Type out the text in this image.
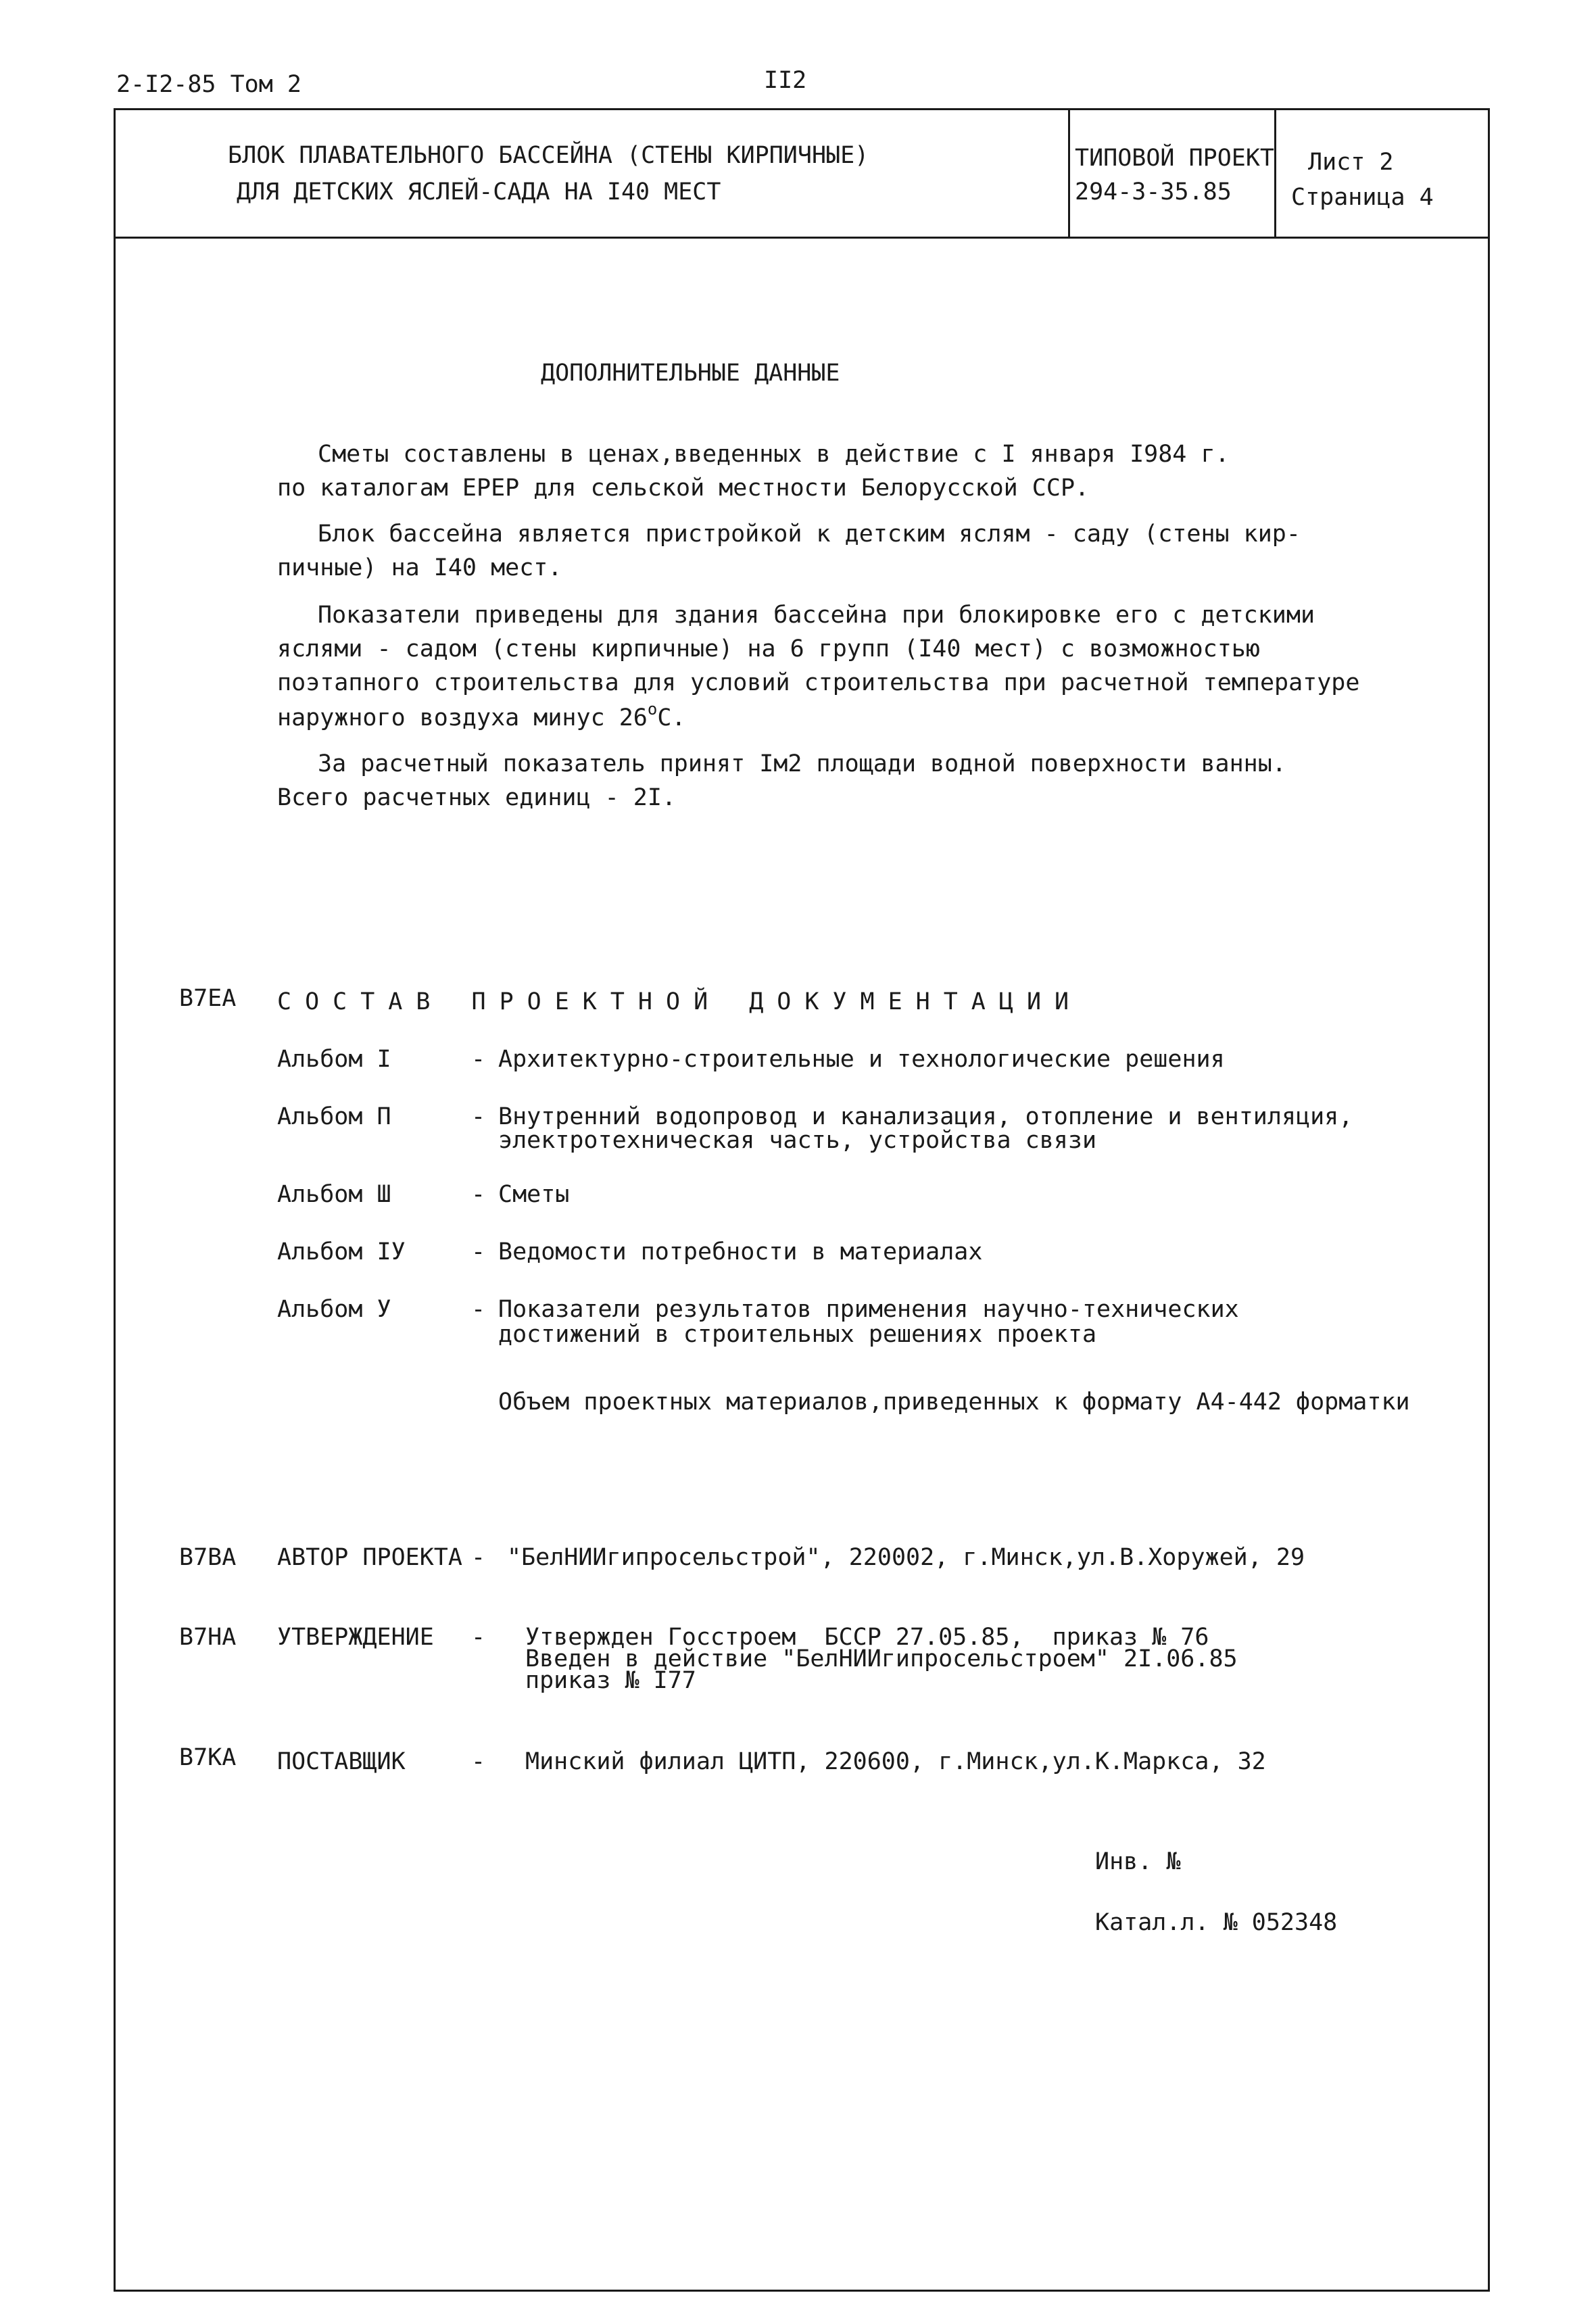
2-I2-85 Том 2	II2
БЛОК ПЛАВАТЕЛЬНОГО БАССЕЙНА (СТЕНЫ КИРПИЧНЫЕ)
ДЛЯ ДЕТСКИХ ЯСЛЕЙ-САДА НА I40 МЕСТ
ТИПОВОЙ ПРОЕКТ
294-3-35.85
Лист 2
Страница 4
ДОПОЛНИТЕЛЬНЫЕ ДАННЫЕ
Сметы составлены в ценах,введенных в действие с I января I984 г.
по каталогам ЕРЕР для сельской местности Белорусской ССР.
Блок бассейна является пристройкой к детским яслям - саду (стены кир-
пичные) на I40 мест.
Показатели приведены для здания бассейна при блокировке его с детскими
яслями - садом (стены кирпичные) на 6 групп (I40 мест) с возможностью
поэтапного строительства для условий строительства при расчетной температуре
наружного воздуха минус $26^оС$.
За расчетный показатель принят Iм2 площади водной поверхности ванны.
Всего расчетных единиц - 2I.
В7ЕА СОСТАВ ПРОЕКТНОЙ ДОКУМЕНТАЦИИ
Альбом I	- Архитектурно-строительные и технологические решения
Альбом П	- Внутренний водопровод и канализация, отопление и вентиляция,
электротехническая часть, устройства связи
Альбом Ш	- Сметы
Альбом IУ	- Ведомости потребности в материалах
Альбом У	- Показатели результатов применения научно-технических
достижений в строительных решениях проекта
Объем проектных материалов,приведенных к формату А4-442 форматки
В7ВА АВТОР ПРОЕКТА - "БелНИИгипросельстрой", 220002, г.Минск,ул.В.Хоружей, 29
В7НА УТВЕРЖДЕНИЕ - Утвержден Госстроем  БССР 27.05.85,  приказ № 76
Введен в действие "БелНИИгипросельстроем" 2I.06.85
приказ № I77
В7КА ПОСТАВЩИК	- Минский филиал ЦИТП, 220600, г.Минск,ул.К.Маркса, 32
Инв. №
Катал.л. № 052348
